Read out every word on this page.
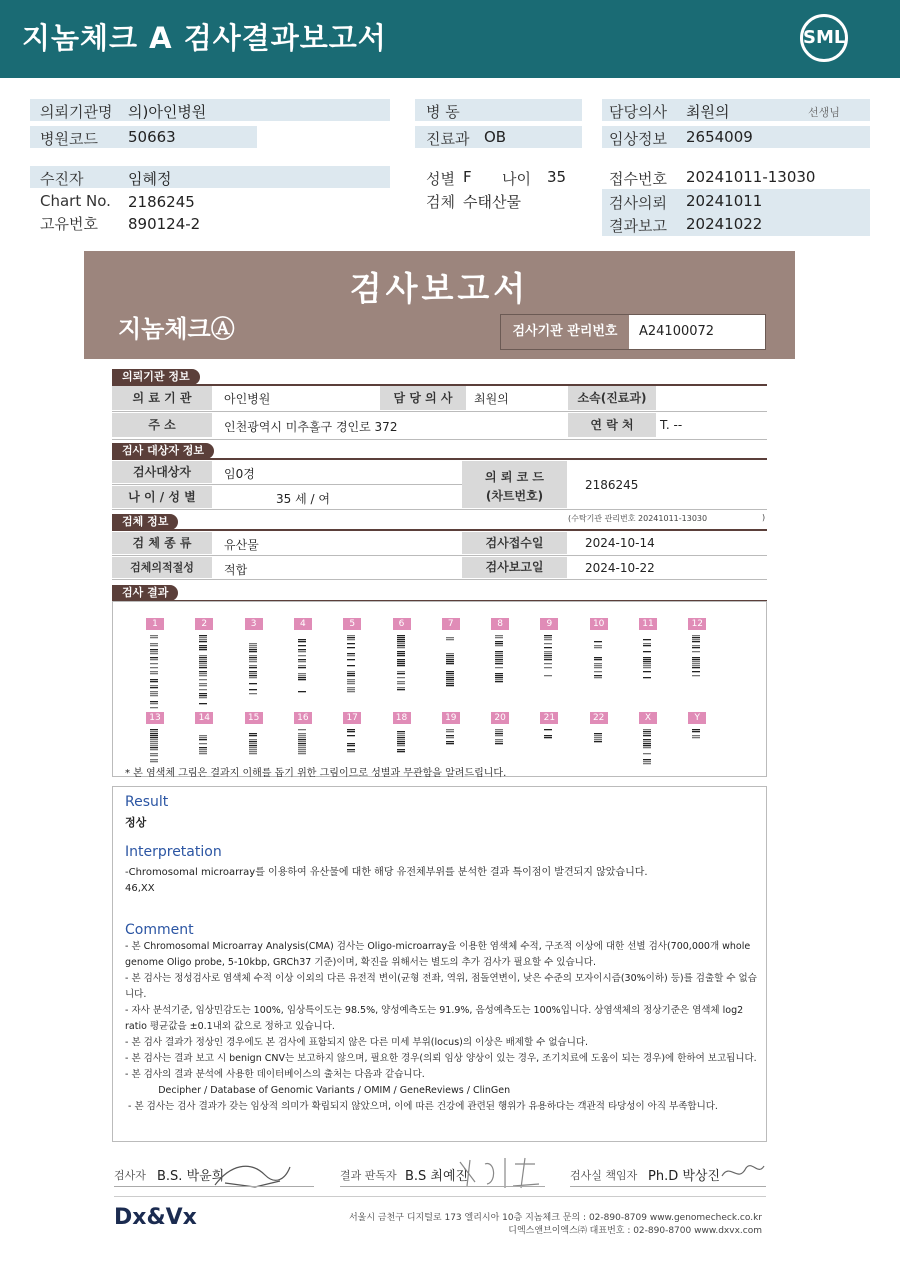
지놈체크 A 검사결과보고서	SML
의뢰기관명 의)아인병원
병원코드 50663
병 동
진료과 OB
담당의사 최원의	선생님
임상정보 2654009
수진자	임혜정
Chart No. 2186245
고유번호 890124-2
성별 F 나이 35
검체 수태산물
접수번호 20241011-13030
검사의뢰 20241011
결과보고 20241022
검사보고서
지놈체크Ⓐ	검사기관 관리번호	A24100072
의뢰기관 정보
의 료 기 관	아인병원	담 당 의 사	최원의	소속(진료과)
주 소	인천광역시 미추홀구 경인로 372	연 락 처	T. --
검사 대상자 정보
검사대상자	임0경
나 이 / 성 별	35 세 / 여
의 뢰 코 드
(차트번호)
2186245
검체 정보	(수탁기관 관리번호 20241011-13030	)
검 체 종 류	유산물	검사접수일	2024-10-14
검체의적절성	적합	검사보고일	2024-10-22
검사 결과
1	2	3	4	5	6	7	8	9	10	11	12
13	14	15	16	17	18	19	20	21	22	X	Y
* 본 염색체 그림은 결과지 이해를 돕기 위한 그림이므로 성별과 무관함을 알려드립니다.
Result
정상
Interpretation
-Chromosomal microarray를 이용하여 유산물에 대한 해당 유전체부위를 분석한 결과 특이점이 발견되지 않았습니다.
46,XX
Comment
- 본 Chromosomal Microarray Analysis(CMA) 검사는 Oligo-microarray을 이용한 염색체 수적, 구조적 이상에 대한 선별 검사(700,000개 whole
genome Oligo probe, 5-10kbp, GRCh37 기준)이며, 확진을 위해서는 별도의 추가 검사가 필요할 수 있습니다.
- 본 검사는 정성검사로 염색체 수적 이상 이외의 다른 유전적 변이(균형 전좌, 역위, 점돌연변이, 낮은 수준의 모자이시즘(30%이하) 등)를 검출할 수 없습
니다.
- 자사 분석기준, 임상민감도는 100%, 임상특이도는 98.5%, 양성예측도는 91.9%, 음성예측도는 100%입니다. 상염색체의 정상기준은 염색체 log2
ratio 평균값을 ±0.1내외 값으로 정하고 있습니다.
- 본 검사 결과가 정상인 경우에도 본 검사에 표함되지 않은 다른 미세 부위(locus)의 이상은 배제할 수 없습니다.
- 본 검사는 결과 보고 시 benign CNV는 보고하지 않으며, 필요한 경우(의뢰 임상 양상이 있는 경우, 조기치료에 도움이 되는 경우)에 한하여 보고됩니다.
- 본 검사의 결과 분석에 사용한 데이터베이스의 출처는 다음과 같습니다.
Decipher / Database of Genomic Variants / OMIM / GeneReviews / ClinGen
- 본 검사는 검사 결과가 갖는 임상적 의미가 확립되지 않았으며, 이에 따른 건강에 관련된 행위가 유용하다는 객관적 타당성이 아직 부족합니다.
검사자 B.S. 박윤희	결과 판독자 B.S 최예진	검사실 책임자 Ph.D 박상진
Dx&Vx	서울시 금천구 디지털로 173 엘리시아 10층 지놈체크 문의 : 02-890-8709 www.genomecheck.co.kr
디엑스앤브이엑스㈜ 대표번호 : 02-890-8700 www.dxvx.com
